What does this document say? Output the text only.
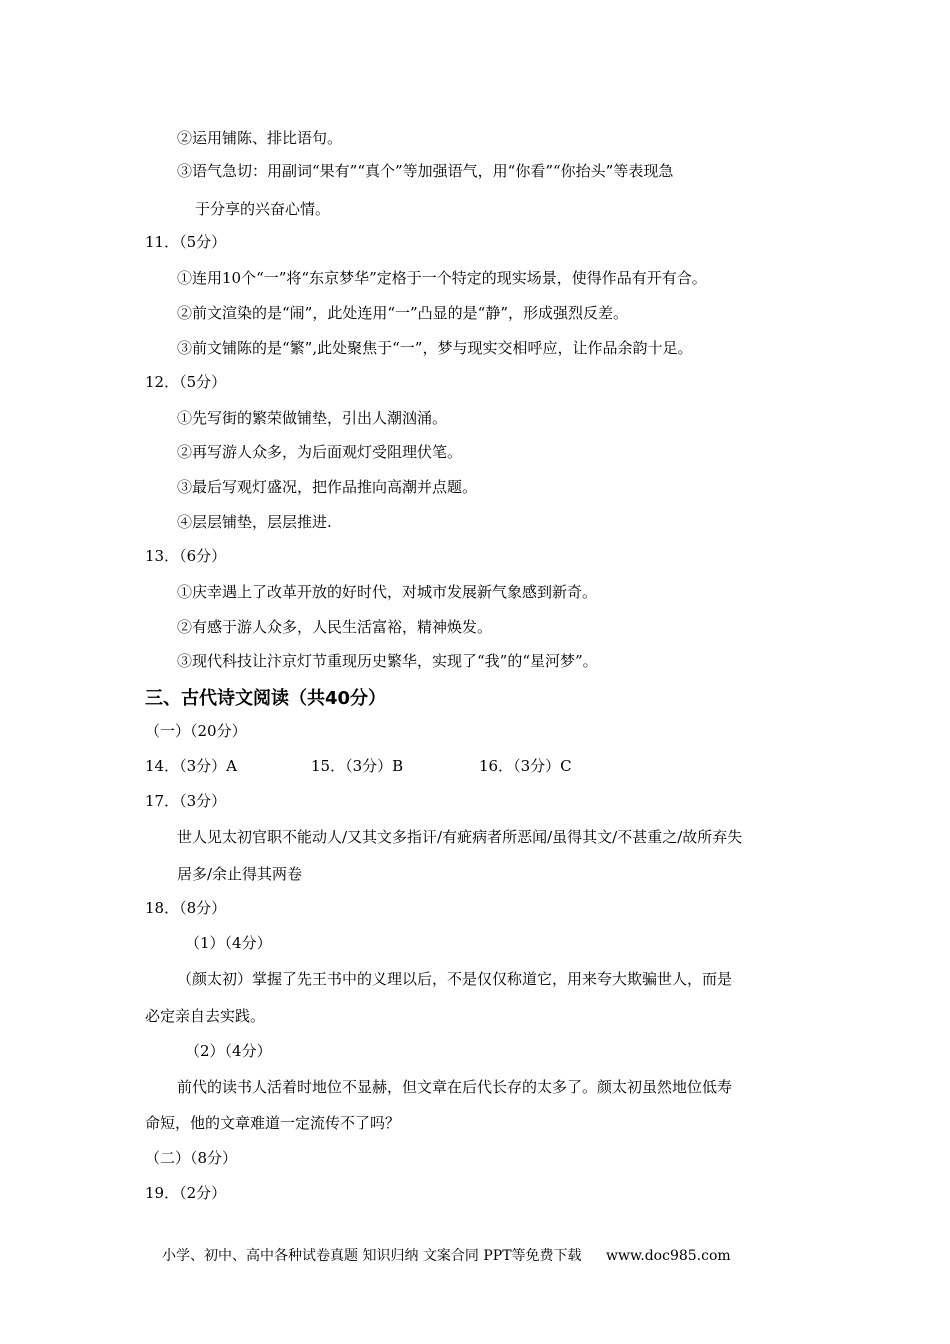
②运用铺陈、排比语句。
③语气急切：用副词“果有”“真个”等加强语气，用“你看”“你抬头”等表现急
于分享的兴奋心情。
11．（5分）
①连用10个“一”将“东京梦华”定格于一个特定的现实场景，使得作品有开有合。
②前文渲染的是“闹”，此处连用“一”凸显的是“静”，形成强烈反差。
③前文铺陈的是“繁”,此处聚焦于“一”，梦与现实交相呼应，让作品余韵十足。
12．（5分）
①先写街的繁荣做铺垫，引出人潮汹涌。
②再写游人众多，为后面观灯受阻理伏笔。
③最后写观灯盛况，把作品推向高潮并点题。
④层层铺垫，层层推进.
13．（6分）
①庆幸遇上了改革开放的好时代，对城市发展新气象感到新奇。
②有感于游人众多，人民生活富裕，精神焕发。
③现代科技让汴京灯节重现历史繁华，实现了“我”的“星河梦”。
三、古代诗文阅读（共40分）
（一）（20分）
14．（3分）A	15．（3分）B	16．（3分）C
17．（3分）
世人见太初官职不能动人/又其文多指讦/有疵病者所恶闻/虽得其文/不甚重之/故所弃失
居多/余止得其两卷
18．（8分）
（1）（4分）
（颜太初）掌握了先王书中的义理以后，不是仅仅称道它，用来夸大欺骗世人，而是
必定亲自去实践。
（2）（4分）
前代的读书人活着时地位不显赫，但文章在后代长存的太多了。颜太初虽然地位低寿
命短，他的文章难道一定流传不了吗？
（二）（8分）
19．（2分）
小学、初中、高中各种试卷真题 知识归纳 文案合同 PPT等免费下载 www.doc985.com
